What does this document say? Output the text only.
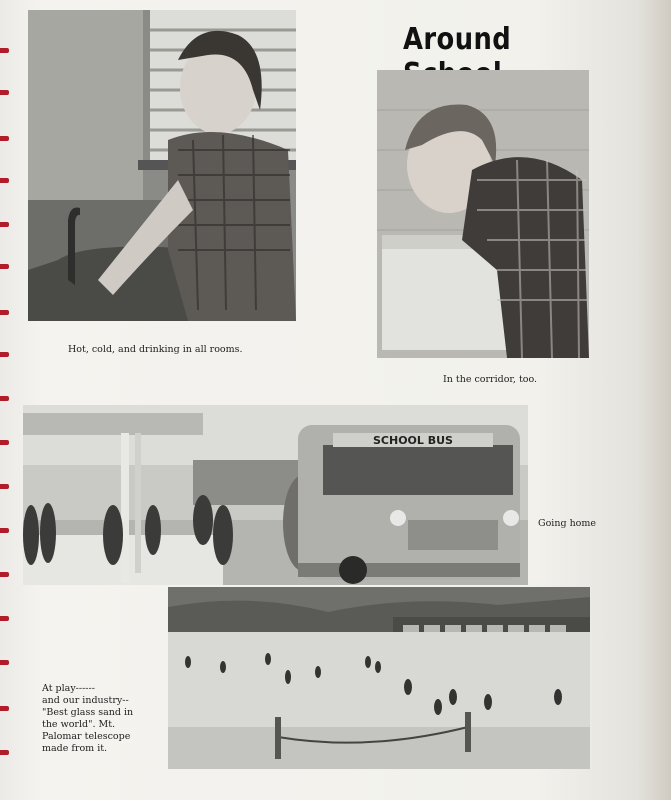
Around
Hot, cold, and drinking in all rooms.
In the corridor, too.
SCHOOL BUS
Going home
At play------
and our industry--
"Best glass sand in
the world". Mt.
Palomar telescope
made from it.
